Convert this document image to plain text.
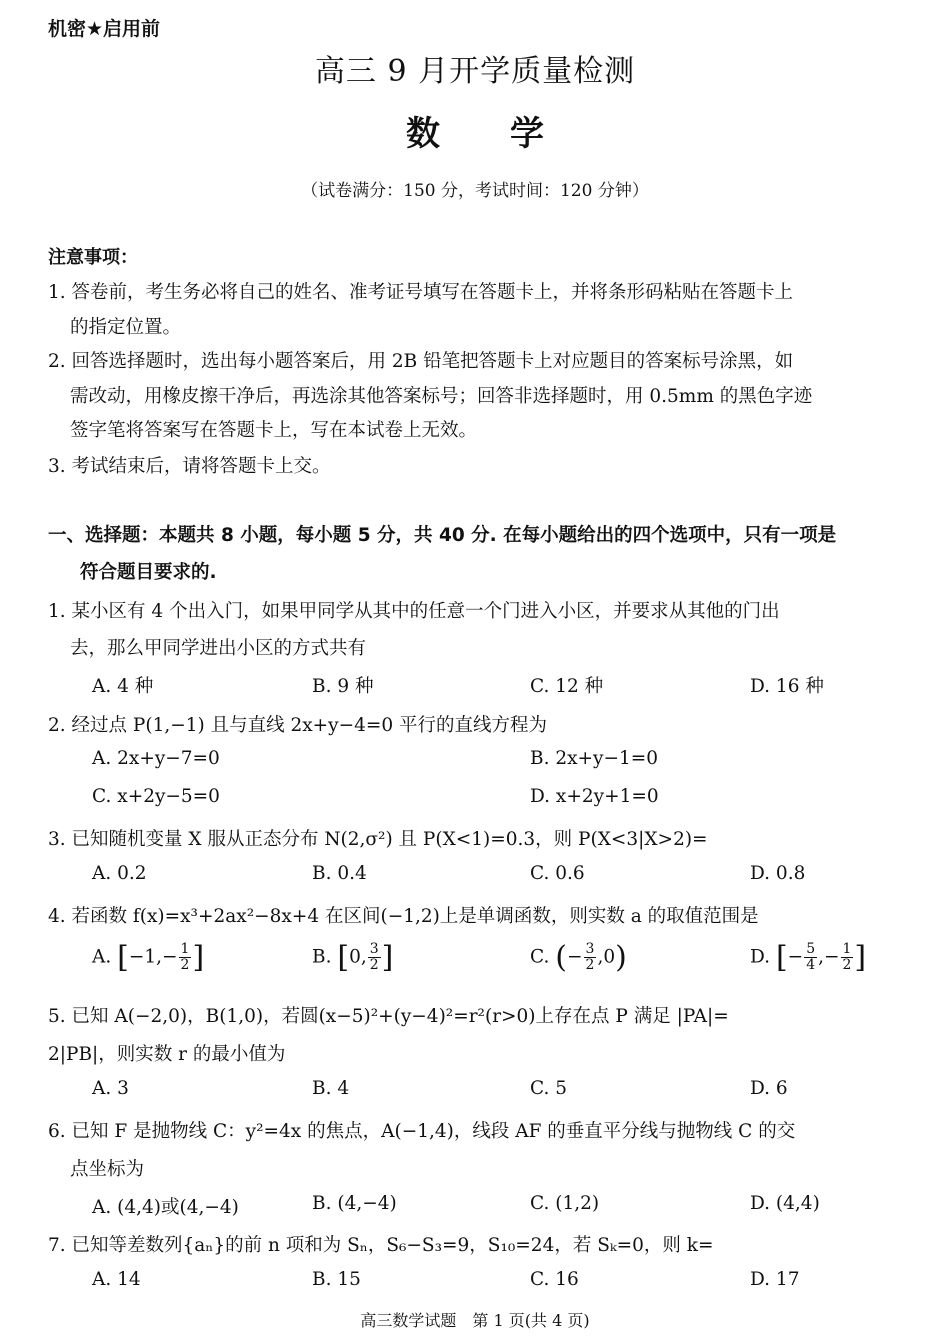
机密★启用前
高三 9 月开学质量检测
数学
（试卷满分：150 分，考试时间：120 分钟）
注意事项：
1. 答卷前，考生务必将自己的姓名、准考证号填写在答题卡上，并将条形码粘贴在答题卡上
的指定位置。
2. 回答选择题时，选出每小题答案后，用 2B 铅笔把答题卡上对应题目的答案标号涂黑，如
需改动，用橡皮擦干净后，再选涂其他答案标号；回答非选择题时，用 0.5mm 的黑色字迹
签字笔将答案写在答题卡上，写在本试卷上无效。
3. 考试结束后，请将答题卡上交。
一、选择题：本题共 8 小题，每小题 5 分，共 40 分. 在每小题给出的四个选项中，只有一项是
符合题目要求的.
1. 某小区有 4 个出入门，如果甲同学从其中的任意一个门进入小区，并要求从其他的门出
去，那么甲同学进出小区的方式共有
A. 4 种	B. 9 种	C. 12 种	D. 16 种
2. 经过点 P(1,−1) 且与直线 2x+y−4=0 平行的直线方程为
A. 2x+y−7=0	B. 2x+y−1=0
C. x+2y−5=0	D. x+2y+1=0
3. 已知随机变量 X 服从正态分布 N(2,σ²) 且 P(X<1)=0.3，则 P(X<3|X>2)=
A. 0.2	B. 0.4	C. 0.6	D. 0.8
4. 若函数 f(x)=x³+2ax²−8x+4 在区间(−1,2)上是单调函数，则实数 a 的取值范围是
A. [$-1,- \frac{1}{2}$ ]	B. [0, $\frac{3}{2}$ ]	C. (− $\frac{3}{2} ,0$)	D. [− $\frac{5}{4}$ ,− $\frac{1}{2}$ ]
5. 已知 A(−2,0)，B(1,0)，若圆(x−5)²+(y−4)²=r²(r>0)上存在点 P 满足 |PA|=
2|PB|，则实数 r 的最小值为
A. 3	B. 4	C. 5	D. 6
6. 已知 F 是抛物线 C：y²=4x 的焦点，A(−1,4)，线段 AF 的垂直平分线与抛物线 C 的交
点坐标为
A. (4,4)或(4,−4)	B. (4,−4)	C. (1,2)	D. (4,4)
7. 已知等差数列{aₙ}的前 n 项和为 Sₙ，S₆−S₃=9，S₁₀=24，若 Sₖ=0，则 k=
A. 14	B. 15	C. 16	D. 17
高三数学试题　第 1 页(共 4 页)
